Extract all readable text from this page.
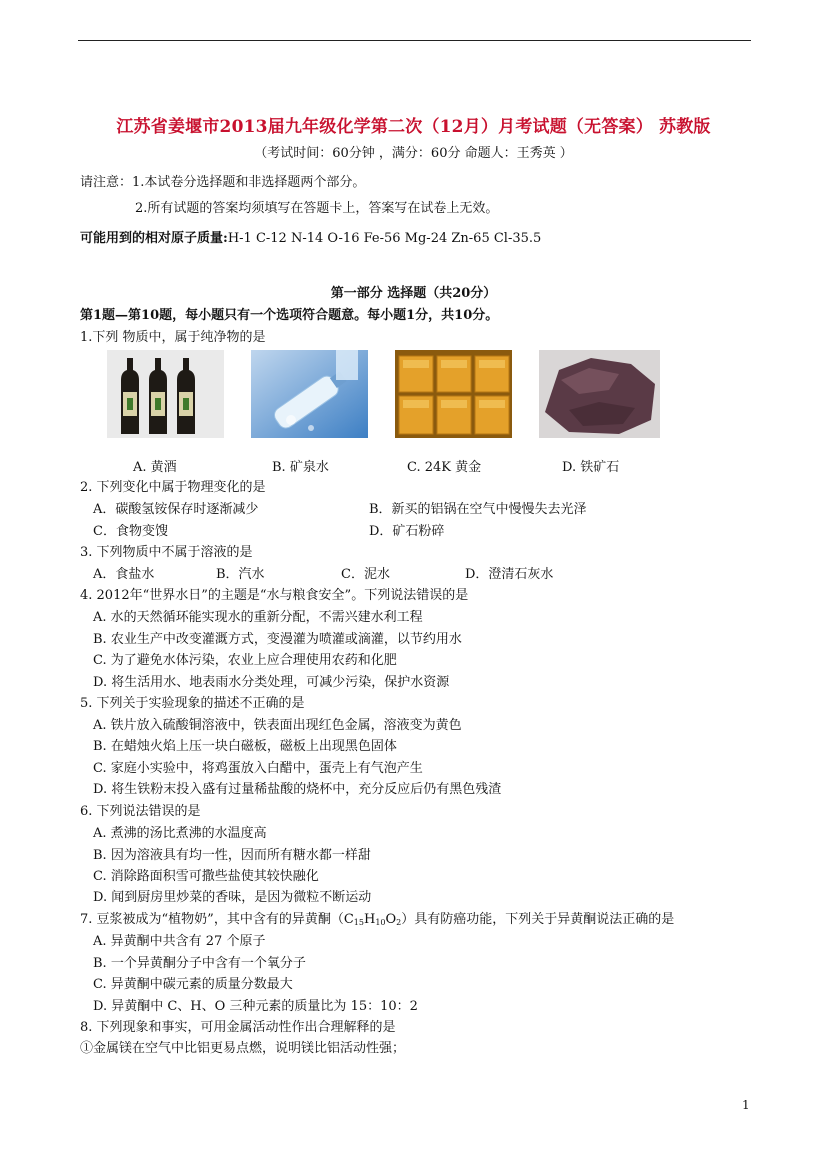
江苏省姜堰市2013届九年级化学第二次（12月）月考试题（无答案） 苏教版
（考试时间：60分钟 ，满分：60分 命题人：王秀英 ）
请注意：1.本试卷分选择题和非选择题两个部分。
2.所有试题的答案均须填写在答题卡上，答案写在试卷上无效。
可能用到的相对原子质量:H-1 C-12 N-14 O-16 Fe-56 Mg-24 Zn-65 Cl-35.5
第一部分 选择题（共20分）
第1题—第10题，每小题只有一个选项符合题意。每小题1分，共10分。
1.下列 物质中，属于纯净物的是
A. 黄酒	B. 矿泉水	C. 24K 黄金	D. 铁矿石
2. 下列变化中属于物理变化的是
A．碳酸氢铵保存时逐渐减少	B．新买的铝锅在空气中慢慢失去光泽
C．食物变馊	D．矿石粉碎
3. 下列物质中不属于溶液的是
A．食盐水	B．汽水	C．泥水	D．澄清石灰水
4. 2012年“世界水日”的主题是“水与粮食安全”。下列说法错误的是
A. 水的天然循环能实现水的重新分配，不需兴建水利工程
B. 农业生产中改变灌溉方式，变漫灌为喷灌或滴灌，以节约用水
C. 为了避免水体污染，农业上应合理使用农药和化肥
D. 将生活用水、地表雨水分类处理，可减少污染，保护水资源
5. 下列关于实验现象的描述不正确的是
A. 铁片放入硫酸铜溶液中，铁表面出现红色金属，溶液变为黄色
B. 在蜡烛火焰上压一块白磁板，磁板上出现黑色固体
C. 家庭小实验中，将鸡蛋放入白醋中，蛋壳上有气泡产生
D. 将生铁粉末投入盛有过量稀盐酸的烧杯中，充分反应后仍有黑色残渣
6. 下列说法错误的是
A. 煮沸的汤比煮沸的水温度高
B. 因为溶液具有均一性，因而所有糖水都一样甜
C. 消除路面积雪可撒些盐使其较快融化
D. 闻到厨房里炒菜的香味，是因为微粒不断运动
7. 豆浆被成为“植物奶”，其中含有的异黄酮$(C_{15}H_{10}O_2)$具有防癌功能，下列关于异黄酮说法正确的是
A. 异黄酮中共含有 27 个原子
B. 一个异黄酮分子中含有一个氧分子
C. 异黄酮中碳元素的质量分数最大
D. 异黄酮中 C、H、O 三种元素的质量比为 15：10：2
8. 下列现象和事实，可用金属活动性作出合理解释的是
①金属镁在空气中比铝更易点燃，说明镁比铝活动性强；
1
